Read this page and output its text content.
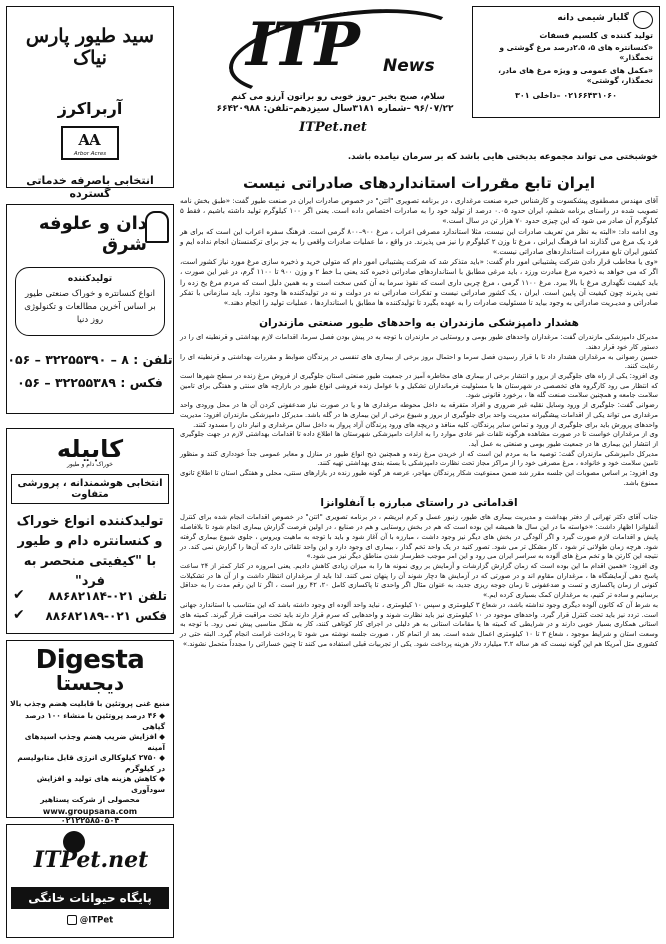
ITP News
سلام، صبح بخیر –روز خوبی رو براتون آرزو می کنم
۹۶/۰۷/۲۲ –شماره ۳۱۸۱سال سیزدهم–تلفن: ۶۶۴۲۰۹۸۸
ITPet.net
گلبار شیمی دانه
تولید کننده ی کلسیم فسفات
«کنسانتره های ۵، ۲.۵درصد مرغ گوشتی و تخمگذار»
«مکمل های عمومی و ویژه مرغ های مادر، تخمگذار، گوشتی»
۰۲۱۶۶۴۳۱۰۶۰ –داخلی ۳۰۱
سید طیور پارس نیاک
آربراکرز
AA
Arbor Acres
انتخابی باصرفه خدماتی گسترده
دان و علوفه شرق
تولیدکننده
انواع کنسانتره و خوراک صنعتی طیور بر اساس آخرین مطالعات و تکنولوژی روز دنیا
تلفن : ۸ – ۳۲۲۵۵۳۹۰ – ۰۵۶
فکس : ۳۲۲۵۵۳۸۹ – ۰۵۶
کابیله
خوراک دام و طیور
انتخابی هوشمندانه ، پرورشی متفاوت
تولیدکننده انواع خوراک و کنسانتره دام و طیور با "کیفیتی منحصر به فرد"
✔ تلفن ۰۲۱-۸۸۶۸۲۱۸۴
✔ فکس ۰۲۱-۸۸۶۸۲۱۸۹
Digesta
دیجستا
منبع غنی پروتئین با قابلیت هضم وجذب بالا
◆ ۴۶ درصد پروتئین با منشاء ۱۰۰ درصد گیاهی
◆ افزایش ضریب هضم وجذب اسیدهای آمینه
◆ ۲۷۵۰ کیلوکالری انرژی قابل متابولیسم در کیلوگرم
◆ کاهش هزینه های تولید و افزایش سودآوری
محصولی از شرکت پستاهیر
www.groupsana.com
۰۲۱۲۲۵۸۵۰۵۰۴
ITPet.net
پایگاه حیوانات خانگی
@ITPet
خوشبختی می تواند مجموعه بدبختی هایی باشد که بر سرمان نیامده باشد.
ایران تابع مقررات استانداردهای صادراتی نیست

آقای مهندس مصطفوی پیشکسوت و کارشناس خبره صنعت مرغداری ، در برنامه تصویری "اتتن" در خصوص صادرات ایران در صنعت طیور گفت: «طبق بخش نامه تصویب شده در راستای برنامه ششم، ایران حدود ۰.۰۵ درصد از تولید خود را به صادرات اختصاص داده است. یعنی اگر ۱۰۰ کیلوگرم تولید داشته باشیم ، فقط ۵ کیلوگرم آن صادر می شود که این چیزی حدود ۷۰ هزار تن در سال است.»

وی ادامه داد: «البته به نظر من تعریف صادرات این نیست، مثلا استاندارد مصرفی اعراب ، مرغ ۹۰۰–۸۰۰ گرمی است. فرهنگ سفره اعراب این است که برای هر فرد یک مرغ می گذارند اما فرهنگ ایرانی ، مرغ تا وزن ۲ کیلوگرم را نیز می پذیرند. در واقع ، ما عملیات صادرات واقعی را به جز برای ترکمنستان انجام نداده ایم و کشور ایران تابع مقررات استانداردهای صادراتی نیست.»

«وی یا مخاطب قرار دادن شرکت پشتیبانی امور دام گفت: «باید متذکر شد که شرکت پشتیبانی امور دام که متولی خرید و ذخیره سازی مرغ مورد نیاز کشور است، اگر که می خواهد به ذخیره مرغ مبادرت ورزد ، باید مرغی مطابق با استانداردهای صادراتی ذخیره کند یعنی بـا خط ۲ و وزن ۹۰۰ تا ۱۱۰۰ گرم، در غیر این صورت ، باید کیفیت نگهداری مرغ با بالا ببرد. مرغ ۱۱۰۰ گرمی ، مرغ چربی داری است که نقوذ سرما به آن کمی سخت است و به همین دلیل است که مردم مرغ یخ زده را نمی پذیرند چون کیفیت آن پایین است. ایران ، یک کشور صادراتی نیست و تفکرات صادراتی نه در دولت و نه در تولیدکننده ها وجود ندارد. باید سازمانی با تفکر صادراتی و مدیـریت صادراتی به وجود بیاید تا مسئولیت صادرات را به عهده بگیرد تا تولیدکننده ها مطابق با استانداردها ، عملیات تولید را انجام دهند.»

هشدار دامپزشکی مازندران به واحدهای طیور صنعتی مازندران

مدیرکل دامپزشکی مازندران گفت: مرغداران واحدهای طیور بومی و روستایی در مازندران با توجه به در پیش بودن فصل سرما، اقدامات لازم بهداشتی و قرنطینه ای را در دستور کار خود قرار دهند.

حسین رضوانی به مرغداران هشدار داد تا با قرار رسیدن فصل سرما و احتمال بروز برخی از بیماری های تنفسی در پرندگان ضوابط و مقررات بهداشتی و قرنطینه ای را رعایت کنند.

وی افزود: یکی از راه های جلوگیری از بروز و انتشار برخی از بیماری های مخاطره آمیز در جمعیت طیور صنعتی استان جلوگیری از فروش مرغ زنده در سطح شهرها است که انتظار می رود کارگروه های تخصصی در شهرستان ها با مسئولیت فرمانداران تشکیل و با عوامل زنده فروشی انواع طیور در بازارچه های سنتی و هفتگی برای تامین سلامت جامعه و همچنین سلامت صنعت گله ها ، برخورد قانونی شود.

رضوانی گفت: جلوگیری از ورود وسایل نقلیه غیر ضروری و افراد متفرقه به داخل محوطه مرغداری ها و یا در صورت نیاز ضدعفونی کردن آن ها در محل ورودی واحد مرغداری می تواند یکی از اقدامات پیشگیرانه مدیریت واحد برای جلوگیری از بروز و شیوع برخی از این بیماری ها در گله باشد. مدیرکل دامپزشکی مازندران افزود: مدیریت واحدهای پرورش باید برای جلوگیری از ورود و تماس سایر پرندگان، کلیه منافذ و دریچه های ورود پرندگان آزاد پرواز به داخل سالن مرغداری و انبار دان را مسدود کنند.

وی از مرغداران خواست تا در صورت مشاهده هرگونه تلفات غیر عادی موارد را به ادارات دامپزشکی شهرستان ها اطلاع داده تا اقدامات بهداشتی لازم در جهت جلوگیری از انتشار این بیماری ها در جمعیت طیور بومی و صنعتی به عمل آید.

مدیرکل دامپزشکی مازندران گفت: توصیه ما به مردم این است که از خریدن مرغ زنده و همچنین ذبح انواع طیور در منازل و معابر عمومی جداً خودداری کنند و منظور تامین سلامت خود و خانواده ، مرغ مصرفی خود را از مراکز مجاز تحت نظارت دامپزشکی با بسته بندی بهداشتی تهیه کنند.

وی افزود: بر اساس مصوبات این جلسه مقرر شد ضمن ممنوعیت شکار پرندگان مهاجر، عرضه هر گونه طیور زنده در بازارهای سنتی، محلی و هفتگی استان تا اطلاع ثانوی ممنوع باشد.

اقداماتی در راستای مبارزه با آنفلوانزا

جناب آقای دکتر تهرانی از دفتر بهداشت و مدیریت بیماری های طیور، زنبور عسل و کرم ابریشم ، در برنامه تصویری "اتتن" در خصوص اقدامات انجام شده برای کنترل آنفلوانزا اظهار داشت: «خواسته ما در این سال ها همیشه این بوده است که هم در بخش روستایی و هم در صنایع ، در اولین فرصت گزارش بیماری انجام شود تا بلافاصله پایش و اقدامات لازم صورت گیرد و اگر آلودگی در بخش های دیگر نیز وجود داشت ، مبارزه با آن آغاز شود و باید با توجه به ماهیت ویروس ، جلوی شیوع بیماری گرفته شود. هرچه زمان طولانی تر شود ، کار مشکل تر می شود. تصور کنید در یک واحد تخم گذار ، بیماری ای وجود دارد و این واحد تلفاتی دارد که آن‌ها را گزارش نمی کند. در نتیجه این کارتن ها و تخم مرغ های آلوده به سراسر ایران می رود و این امر موجب خطرساز شدن مناطق دیگر نیز می شود.»

وی افزود: «همین اقدام ما این بوده است که زمان گزارش گزارشات و آزمایش بر روی نمونه ها را به میزان زیادی کاهش دادیم. یعنی امروزه در کنار کمتر از ۲۴ ساعت پاسخ دهی آزمایشگاه ها ، مرغداران مقاوم اند و در صورتی که در آزمایش ها دچار شوند آن را پنهان نمی کنند. لذا باید از مرغداران انتظار داشت و از آن ها در تشکیلات کنونی از زمان پاکسازی و تست و ضدعفونی تا زمان جوجه ریزی جدید، به عنوان مثال اگر واحدی تا پاکسازی کامل ۲۰، ۴۲ روز است ، اگر تا این رقم مدت را به حداقل برسانیم و ساده تر کنیم، به مرغداران کمک بسیاری کرده ایم.»

به شرط آن که کانون آلوده دیگری وجود نداشته باشد، در شعاع ۳ کیلومتری و سپس ۱۰ کیلومتری ، نباید واحد آلوده ای وجود داشته باشد که این متناسب با استاندارد جهانی است. تردد نیز باید تحت کنترل قرار گیرد. واحدهای موجود در ۱۰ کیلومتری نیز باید نظارت شوند و واحدهایی که سرم قرار دارند باید تحت مراقبت قرار گیرند. کمیته های استانی همکاری بسیار خوبی دارند و در شرایطی که کمیته ها یا مقامات استانی به هر دلیلی در اجرای کار کوتاهی کنند، کار به شکل مناسبی پیش نمی رود. با توجه به وسعت استان و شرایط موجود ، شعاع ۳ تا ۱۰ کیلومتری اعمال شده است. بعد از اتمام کار ، صورت جلسه نوشته می شود تا پرداخت غرامت انجام گیرد. البته حتی در کشوری مثل آمریکا هم این گونه نیست که هر ساله ۳.۲ میلیارد دلار هزینه پرداخت شود. یکی از تجربیات قبلی استفاده می کنند تا چنین خساراتی را مجدداً متحمل نشوند.»
